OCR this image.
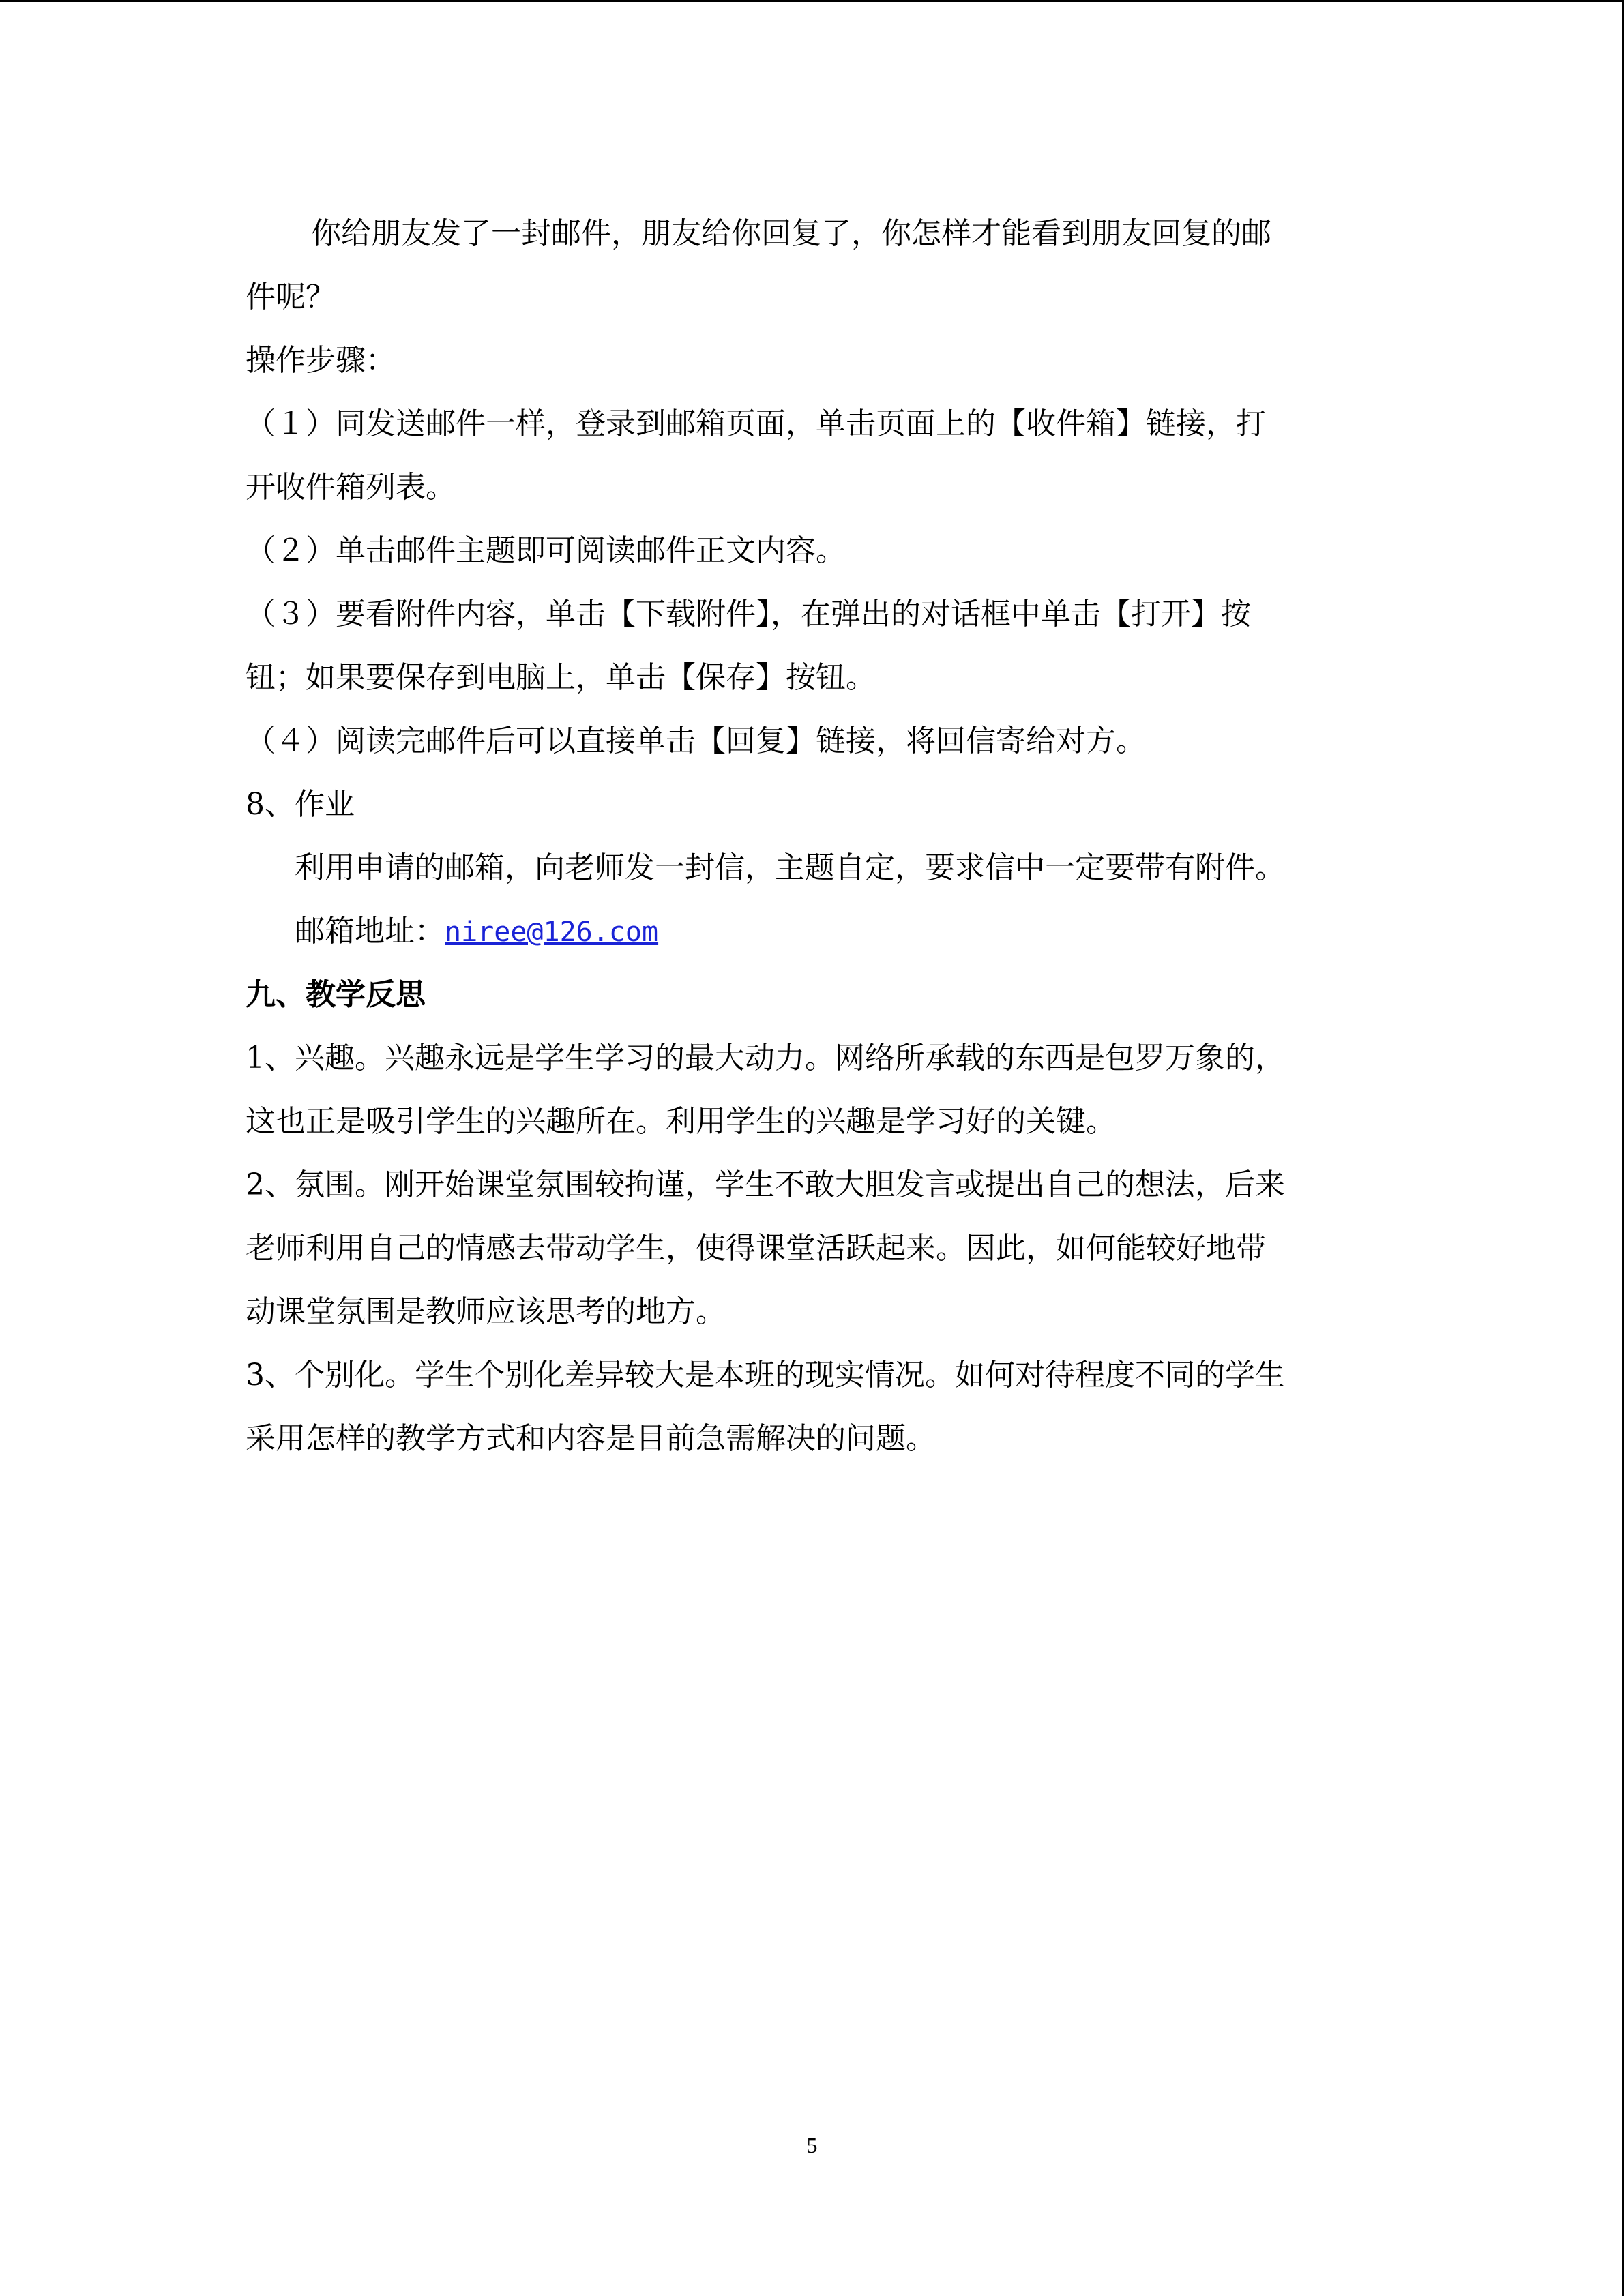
你给朋友发了一封邮件，朋友给你回复了，你怎样才能看到朋友回复的邮
件呢？
操作步骤：
（１）同发送邮件一样，登录到邮箱页面，单击页面上的【收件箱】链接，打
开收件箱列表。
（２）单击邮件主题即可阅读邮件正文内容。
（３）要看附件内容，单击【下载附件】，在弹出的对话框中单击【打开】按
钮；如果要保存到电脑上，单击【保存】按钮。
（４）阅读完邮件后可以直接单击【回复】链接，将回信寄给对方。
8、作业
利用申请的邮箱，向老师发一封信，主题自定，要求信中一定要带有附件。
邮箱地址：niree@126.com
九、教学反思
1、兴趣。兴趣永远是学生学习的最大动力。网络所承载的东西是包罗万象的，
这也正是吸引学生的兴趣所在。利用学生的兴趣是学习好的关键。
2、氛围。刚开始课堂氛围较拘谨，学生不敢大胆发言或提出自己的想法，后来
老师利用自己的情感去带动学生，使得课堂活跃起来。因此，如何能较好地带
动课堂氛围是教师应该思考的地方。
3、个别化。学生个别化差异较大是本班的现实情况。如何对待程度不同的学生
采用怎样的教学方式和内容是目前急需解决的问题。
5
